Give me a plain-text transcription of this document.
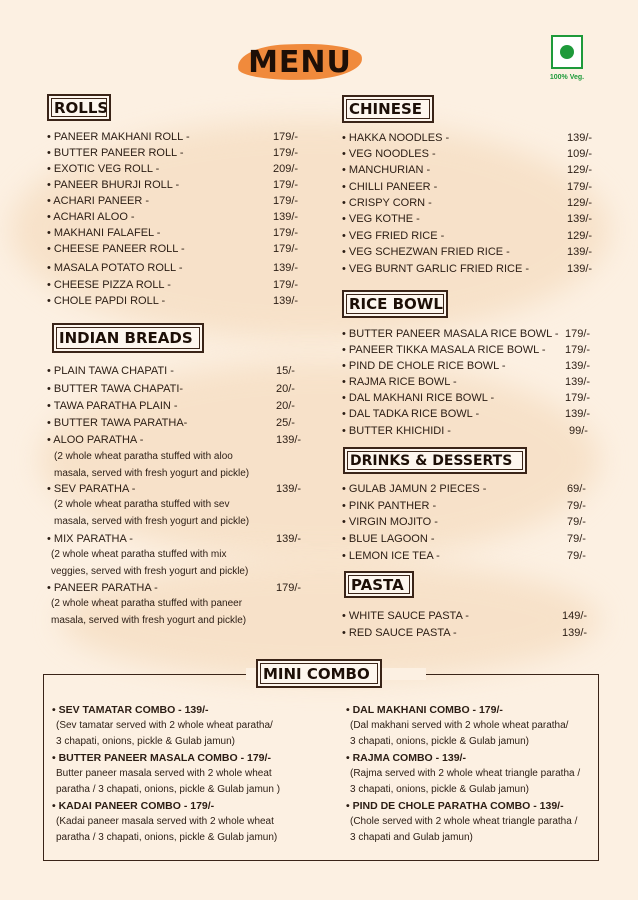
MENU	100% Veg.
ROLLS
INDIAN BREADS
CHINESE
RICE BOWL
DRINKS & DESSERTS
PASTA
• PANEER MAKHANI ROLL -	179/-
• BUTTER PANEER ROLL -	179/-
• EXOTIC VEG ROLL -	209/-
• PANEER BHURJI ROLL -	179/-
• ACHARI PANEER -	179/-
• ACHARI ALOO -	139/-
• MAKHANI FALAFEL -	179/-
• CHEESE PANEER ROLL -	179/-
• MASALA POTATO ROLL -	139/-
• CHEESE PIZZA ROLL -	179/-
• CHOLE PAPDI ROLL -	139/-
• PLAIN TAWA CHAPATI -	15/-
• BUTTER TAWA CHAPATI-	20/-
• TAWA PARATHA PLAIN -	20/-
• BUTTER TAWA PARATHA-	25/-
• ALOO PARATHA -	139/-
• SEV PARATHA -	139/-
• MIX PARATHA -	139/-
• PANEER PARATHA -	179/-
(2 whole wheat paratha stuffed with aloo
masala, served with fresh yogurt and pickle)
(2 whole wheat paratha stuffed with sev
masala, served with fresh yogurt and pickle)
(2 whole wheat paratha stuffed with mix
veggies, served with fresh yogurt and pickle)
(2 whole wheat paratha stuffed with paneer
masala, served with fresh yogurt and pickle)
• HAKKA NOODLES -	139/-
• VEG NOODLES -	109/-
• MANCHURIAN -	129/-
• CHILLI PANEER -	179/-
• CRISPY CORN -	129/-
• VEG KOTHE -	139/-
• VEG FRIED RICE -	129/-
• VEG SCHEZWAN FRIED RICE -	139/-
• VEG BURNT GARLIC FRIED RICE -	139/-
• BUTTER PANEER MASALA RICE BOWL - 179/-
• PANEER TIKKA MASALA RICE BOWL - 179/-
• PIND DE CHOLE RICE BOWL -	139/-
• RAJMA RICE BOWL -	139/-
• DAL MAKHANI RICE BOWL -	179/-
• DAL TADKA RICE BOWL -	139/-
• BUTTER KHICHIDI -	99/-
• GULAB JAMUN 2 PIECES -	69/-
• PINK PANTHER -	79/-
• VIRGIN MOJITO -	79/-
• BLUE LAGOON -	79/-
• LEMON ICE TEA -	79/-
• WHITE SAUCE PASTA -	149/-
• RED SAUCE PASTA -	139/-
MINI COMBO
• SEV TAMATAR COMBO - 139/-
(Sev tamatar served with 2 whole wheat paratha/
3 chapati, onions, pickle & Gulab jamun)
• BUTTER PANEER MASALA COMBO - 179/-
Butter paneer masala served with 2 whole wheat
paratha / 3 chapati, onions, pickle & Gulab jamun )
• KADAI PANEER COMBO - 179/-
(Kadai paneer masala served with 2 whole wheat
paratha / 3 chapati, onions, pickle & Gulab jamun)
• DAL MAKHANI COMBO - 179/-
(Dal makhani served with 2 whole wheat paratha/
3 chapati, onions, pickle & Gulab jamun)
• RAJMA COMBO - 139/-
(Rajma served with 2 whole wheat triangle paratha /
3 chapati, onions, pickle & Gulab jamun)
• PIND DE CHOLE PARATHA COMBO - 139/-
(Chole served with 2 whole wheat triangle paratha /
3 chapati and Gulab jamun)
